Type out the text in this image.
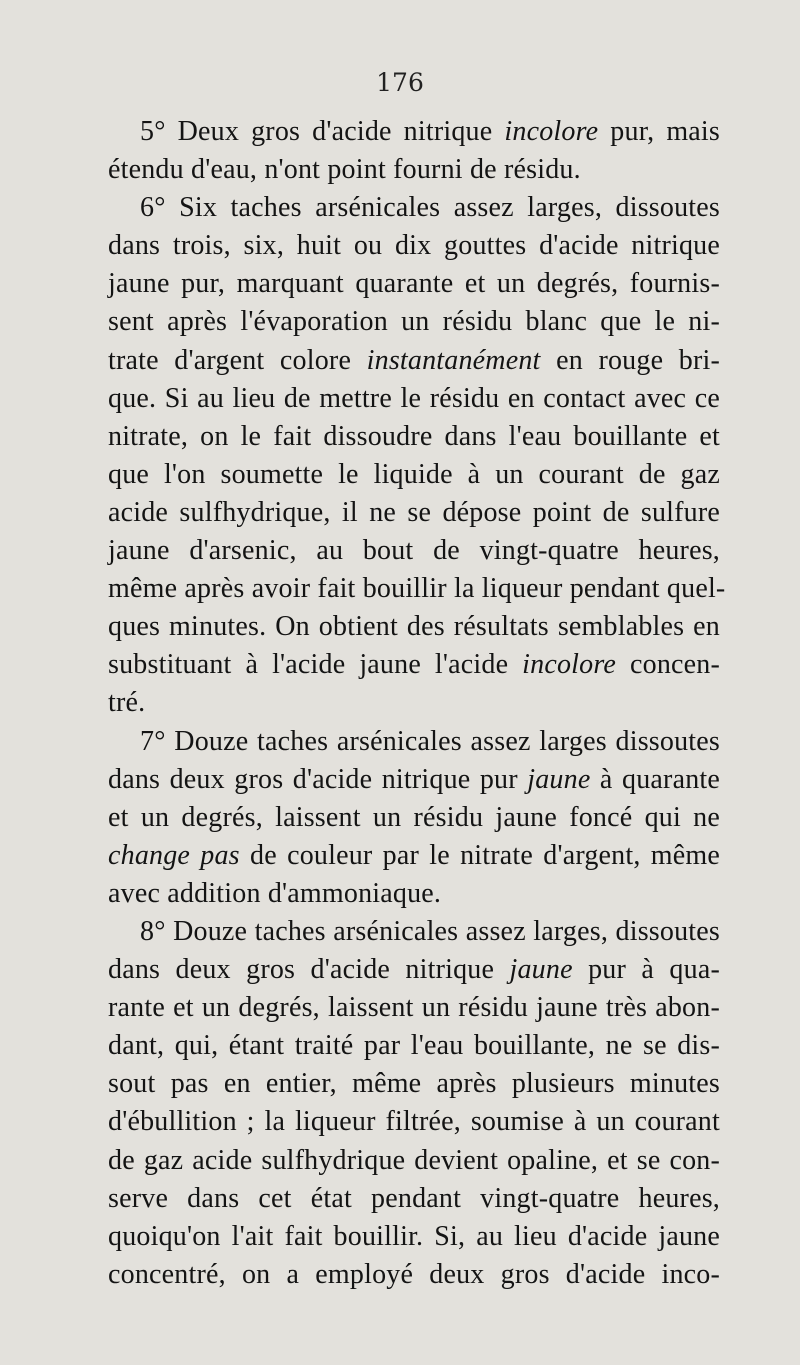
176
5° Deux gros d'acide nitrique incolore pur, mais
étendu d'eau, n'ont point fourni de résidu.
6° Six taches arsénicales assez larges, dissoutes
dans trois, six, huit ou dix gouttes d'acide nitrique
jaune pur, marquant quarante et un degrés, fournis-
sent après l'évaporation un résidu blanc que le ni-
trate d'argent colore instantanément en rouge bri-
que. Si au lieu de mettre le résidu en contact avec ce
nitrate, on le fait dissoudre dans l'eau bouillante et
que l'on soumette le liquide à un courant de gaz
acide sulfhydrique, il ne se dépose point de sulfure
jaune d'arsenic, au bout de vingt-quatre heures,
même après avoir fait bouillir la liqueur pendant quel-
ques minutes. On obtient des résultats semblables en
substituant à l'acide jaune l'acide incolore concen-
tré.
7° Douze taches arsénicales assez larges dissoutes
dans deux gros d'acide nitrique pur jaune à quarante
et un degrés, laissent un résidu jaune foncé qui ne
change pas de couleur par le nitrate d'argent, même
avec addition d'ammoniaque.
8° Douze taches arsénicales assez larges, dissoutes
dans deux gros d'acide nitrique jaune pur à qua-
rante et un degrés, laissent un résidu jaune très abon-
dant, qui, étant traité par l'eau bouillante, ne se dis-
sout pas en entier, même après plusieurs minutes
d'ébullition ; la liqueur filtrée, soumise à un courant
de gaz acide sulfhydrique devient opaline, et se con-
serve dans cet état pendant vingt-quatre heures,
quoiqu'on l'ait fait bouillir. Si, au lieu d'acide jaune
concentré, on a employé deux gros d'acide inco-
